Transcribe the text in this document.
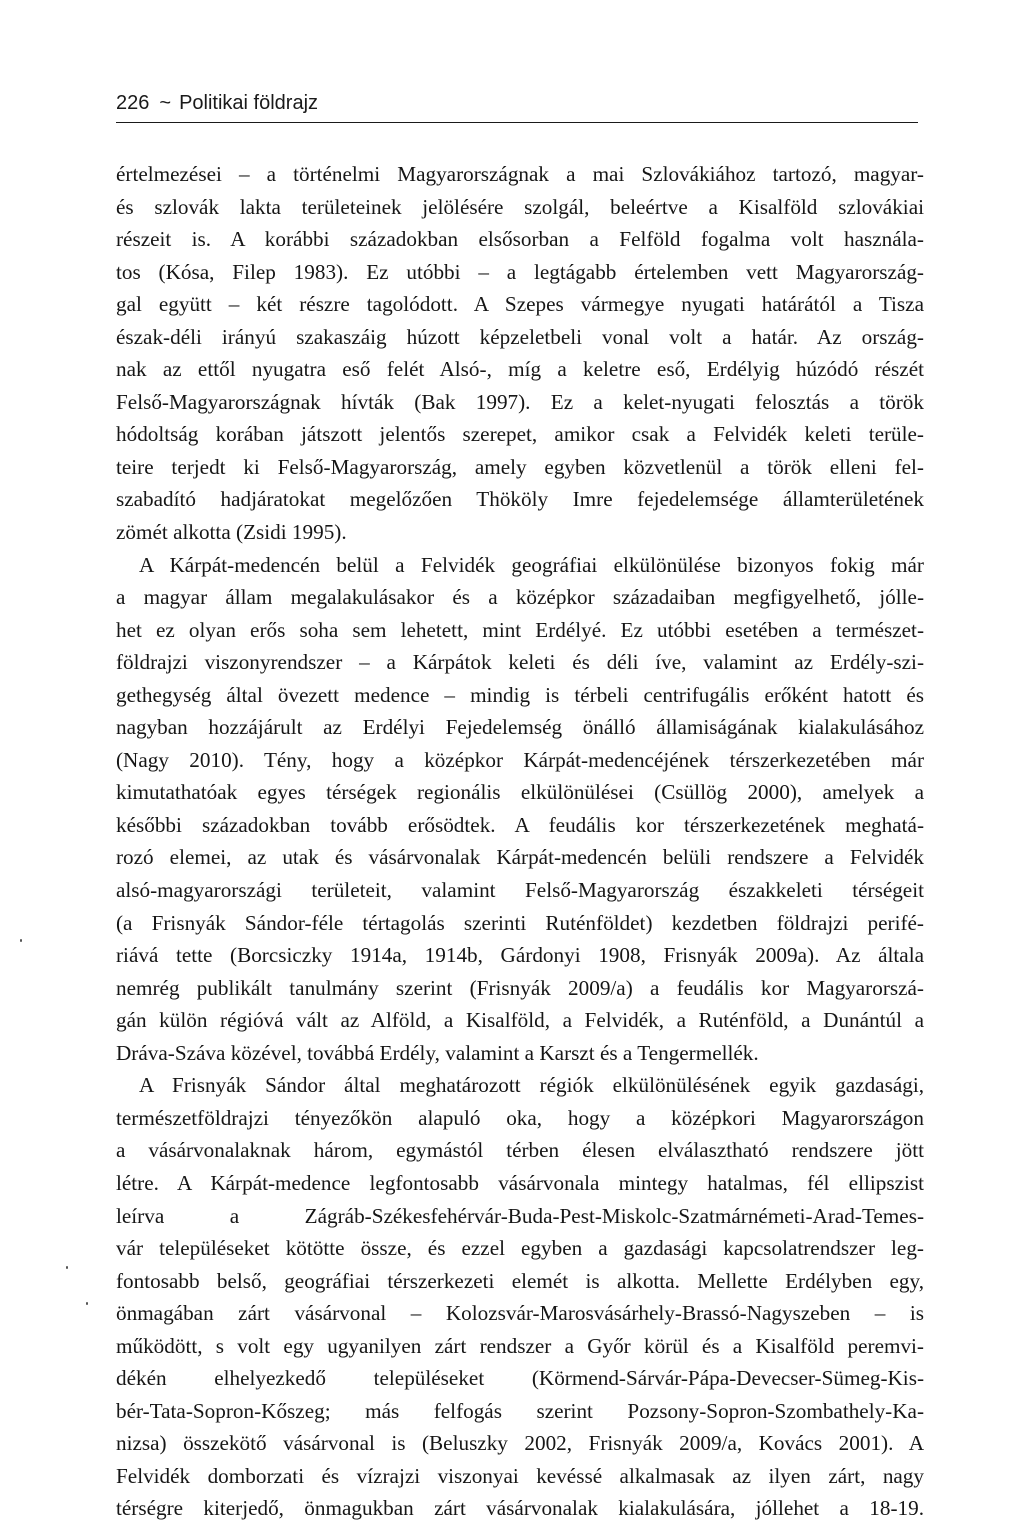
226 ~ Politikai földrajz
értelmezései – a történelmi Magyarországnak a mai Szlovákiához tartozó, magyar-
és szlovák lakta területeinek jelölésére szolgál, beleértve a Kisalföld szlovákiai
részeit is. A korábbi századokban elsősorban a Felföld fogalma volt használa-
tos (Kósa, Filep 1983). Ez utóbbi – a legtágabb értelemben vett Magyarország-
gal együtt – két részre tagolódott. A Szepes vármegye nyugati határától a Tisza
észak-déli irányú szakaszáig húzott képzeletbeli vonal volt a határ. Az ország-
nak az ettől nyugatra eső felét Alsó-, míg a keletre eső, Erdélyig húzódó részét
Felső-Magyarországnak hívták (Bak 1997). Ez a kelet-nyugati felosztás a török
hódoltság korában játszott jelentős szerepet, amikor csak a Felvidék keleti terüle-
teire terjedt ki Felső-Magyarország, amely egyben közvetlenül a török elleni fel-
szabadító hadjáratokat megelőzően Thököly Imre fejedelemsége államterületének
zömét alkotta (Zsidi 1995).
A Kárpát-medencén belül a Felvidék geográfiai elkülönülése bizonyos fokig már
a magyar állam megalakulásakor és a középkor századaiban megfigyelhető, jólle-
het ez olyan erős soha sem lehetett, mint Erdélyé. Ez utóbbi esetében a természet-
földrajzi viszonyrendszer – a Kárpátok keleti és déli íve, valamint az Erdély-szi-
gethegység által övezett medence – mindig is térbeli centrifugális erőként hatott és
nagyban hozzájárult az Erdélyi Fejedelemség önálló államiságának kialakulásához
(Nagy 2010). Tény, hogy a középkor Kárpát-medencéjének térszerkezetében már
kimutathatóak egyes térségek regionális elkülönülései (Csüllög 2000), amelyek a
későbbi századokban tovább erősödtek. A feudális kor térszerkezetének meghatá-
rozó elemei, az utak és vásárvonalak Kárpát-medencén belüli rendszere a Felvidék
alsó-magyarországi területeit, valamint Felső-Magyarország északkeleti térségeit
(a Frisnyák Sándor-féle tértagolás szerinti Ruténföldet) kezdetben földrajzi perifé-
riává tette (Borcsiczky 1914a, 1914b, Gárdonyi 1908, Frisnyák 2009a). Az általa
nemrég publikált tanulmány szerint (Frisnyák 2009/a) a feudális kor Magyarorszá-
gán külön régióvá vált az Alföld, a Kisalföld, a Felvidék, a Ruténföld, a Dunántúl a
Dráva-Száva közével, továbbá Erdély, valamint a Karszt és a Tengermellék.
A Frisnyák Sándor által meghatározott régiók elkülönülésének egyik gazdasági,
természetföldrajzi tényezőkön alapuló oka, hogy a középkori Magyarországon
a vásárvonalaknak három, egymástól térben élesen elválasztható rendszere jött
létre. A Kárpát-medence legfontosabb vásárvonala mintegy hatalmas, fél ellipszist
leírva a Zágráb-Székesfehérvár-Buda-Pest-Miskolc-Szatmárnémeti-Arad-Temes-
vár településeket kötötte össze, és ezzel egyben a gazdasági kapcsolatrendszer leg-
fontosabb belső, geográfiai térszerkezeti elemét is alkotta. Mellette Erdélyben egy,
önmagában zárt vásárvonal – Kolozsvár-Marosvásárhely-Brassó-Nagyszeben – is
működött, s volt egy ugyanilyen zárt rendszer a Győr körül és a Kisalföld peremvi-
dékén elhelyezkedő településeket (Körmend-Sárvár-Pápa-Devecser-Sümeg-Kis-
bér-Tata-Sopron-Kőszeg; más felfogás szerint Pozsony-Sopron-Szombathely-Ka-
nizsa) összekötő vásárvonal is (Beluszky 2002, Frisnyák 2009/a, Kovács 2001). A
Felvidék domborzati és vízrajzi viszonyai kevéssé alkalmasak az ilyen zárt, nagy
térségre kiterjedő, önmagukban zárt vásárvonalak kialakulására, jóllehet a 18-19.
